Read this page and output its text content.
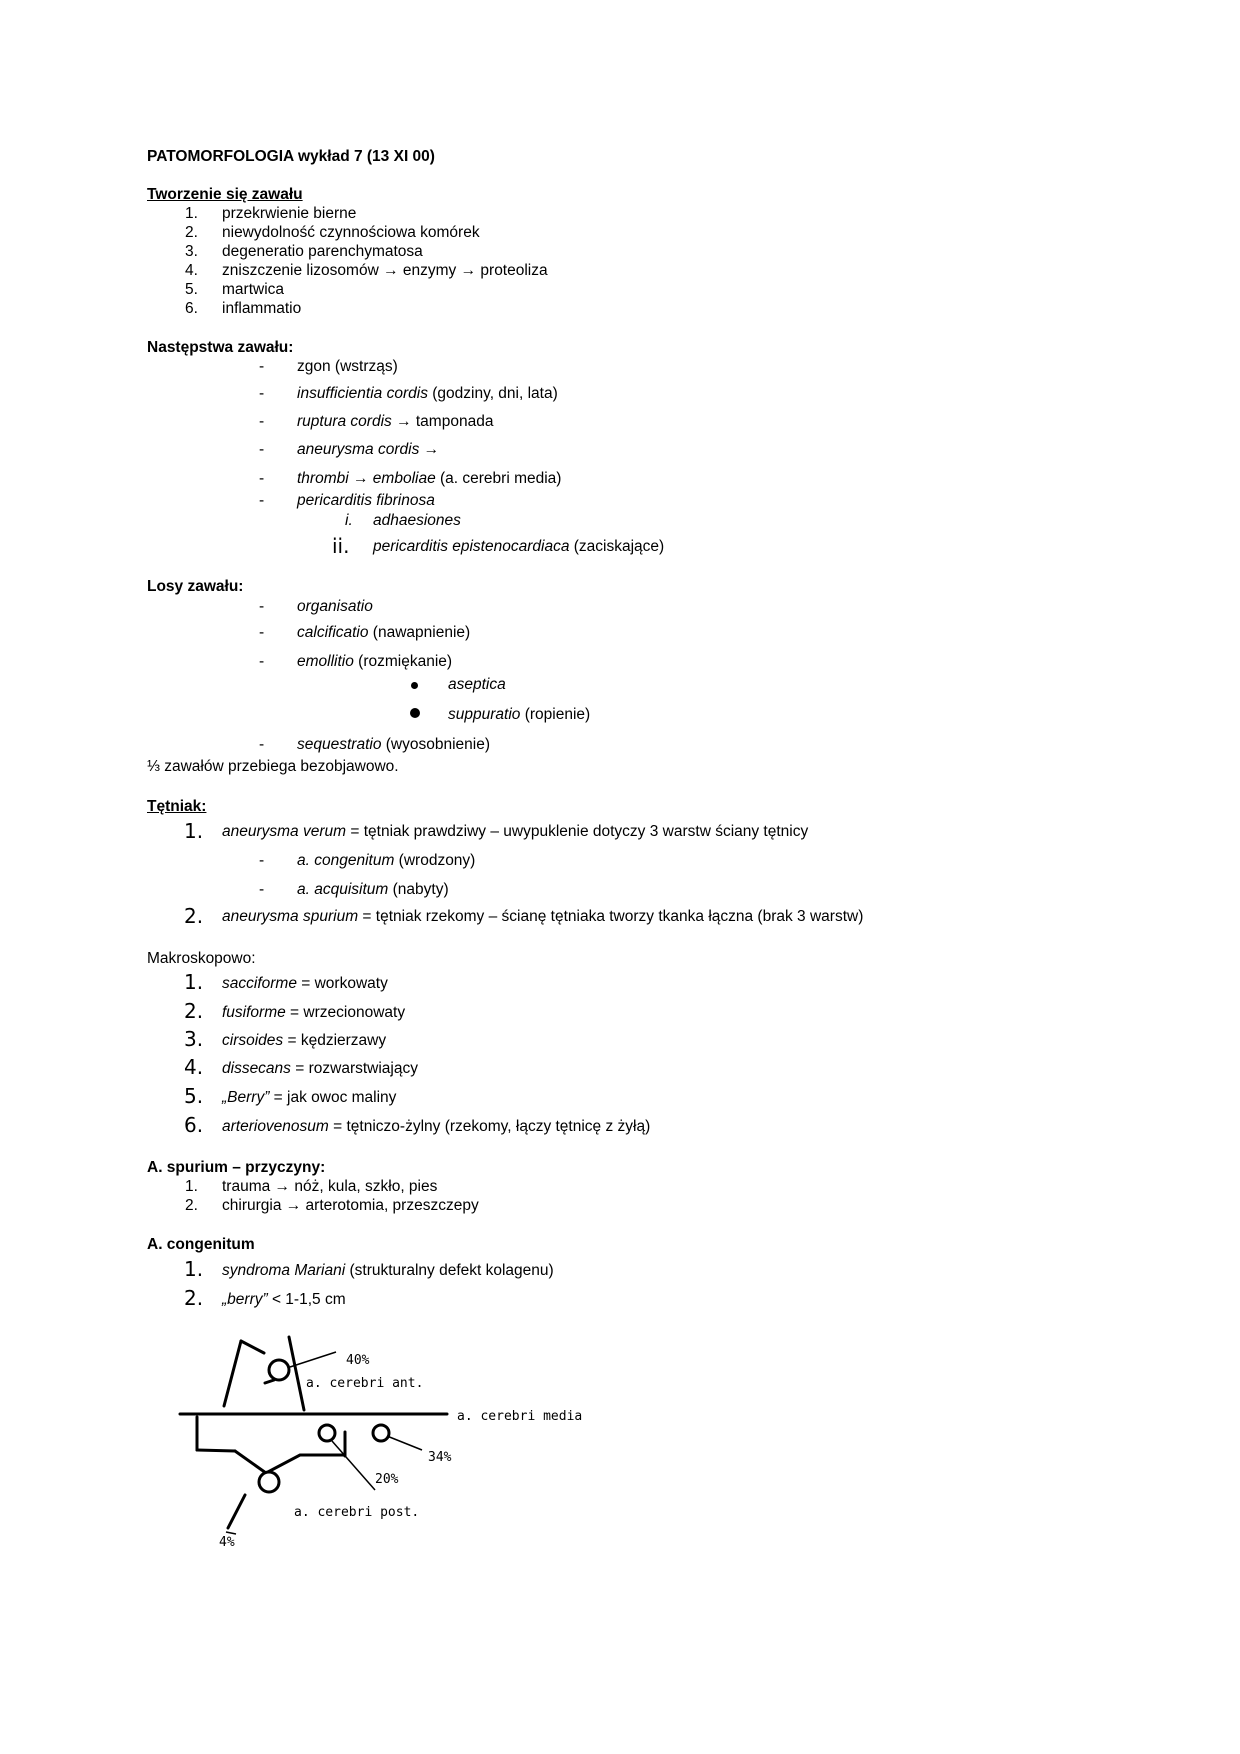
PATOMORFOLOGIA wykład 7 (13 XI 00)
Tworzenie się zawału
1. przekrwienie bierne
2. niewydolność czynnościowa komórek
3. degeneratio parenchymatosa
4. zniszczenie lizosomów → enzymy → proteoliza
5. martwica
6. inflammatio
Następstwa zawału:
- zgon (wstrząs)
- insufficientia cordis (godziny, dni, lata)
- ruptura cordis → tamponada
- aneurysma cordis →
- thrombi → emboliae (a. cerebri media)
- pericarditis fibrinosa
i. adhaesiones
ii. pericarditis epistenocardiaca (zaciskające)
Losy zawału:
- organisatio
- calcificatio (nawapnienie)
- emollitio (rozmiękanie)
aseptica
suppuratio (ropienie)
- sequestratio (wyosobnienie)
⅓ zawałów przebiega bezobjawowo.
Tętniak:
1. aneurysma verum = tętniak prawdziwy – uwypuklenie dotyczy 3 warstw ściany tętnicy
- a. congenitum (wrodzony)
- a. acquisitum (nabyty)
2. aneurysma spurium = tętniak rzekomy – ścianę tętniaka tworzy tkanka łączna (brak 3 warstw)
Makroskopowo:
1. sacciforme = workowaty
2. fusiforme = wrzecionowaty
3. cirsoides = kędzierzawy
4. dissecans = rozwarstwiający
5. „Berry” = jak owoc maliny
6. arteriovenosum = tętniczo-żylny (rzekomy, łączy tętnicę z żyłą)
A. spurium – przyczyny:
1. trauma → nóż, kula, szkło, pies
2. chirurgia → arterotomia, przeszczepy
A. congenitum
1. syndroma Mariani (strukturalny defekt kolagenu)
2. „berry” < 1-1,5 cm
40%
a. cerebri ant.
a. cerebri media
34%
20%
a. cerebri post.
4%
